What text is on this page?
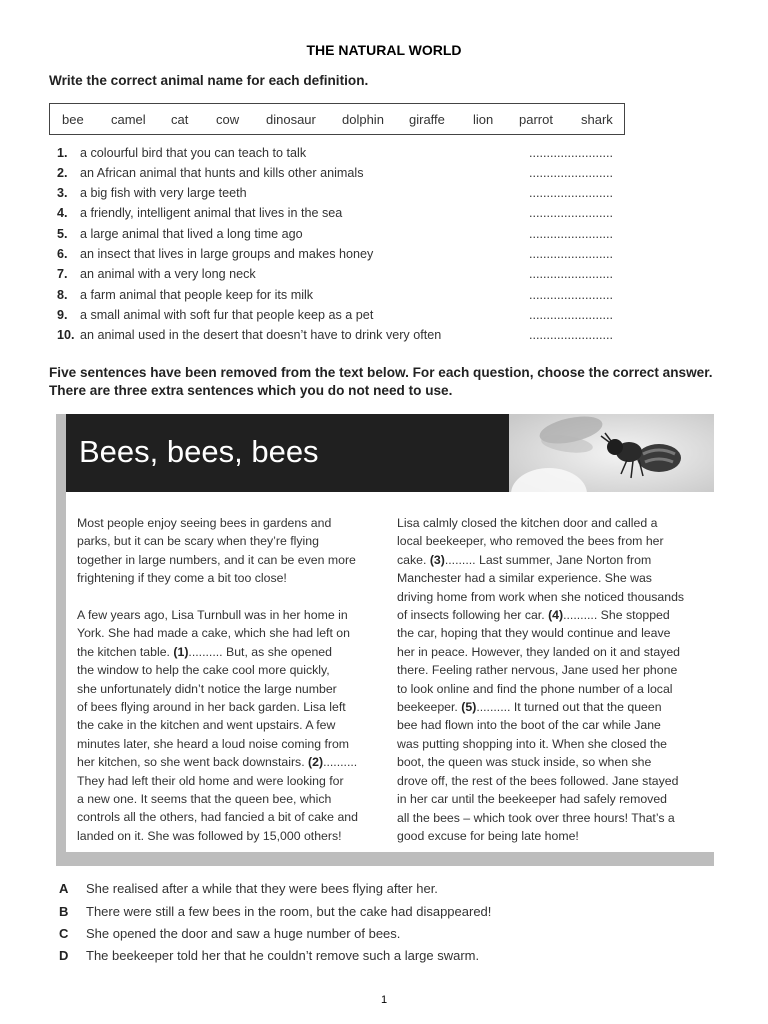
THE NATURAL WORLD
Write the correct animal name for each definition.
bee camel cat cow dinosaur dolphin giraffe lion parrot shark
1. a colourful bird that you can teach to talk	........................
2. an African animal that hunts and kills other animals	........................
3. a big fish with very large teeth	........................
4. a friendly, intelligent animal that lives in the sea	........................
5. a large animal that lived a long time ago	........................
6. an insect that lives in large groups and makes honey	........................
7. an animal with a very long neck	........................
8. a farm animal that people keep for its milk	........................
9. a small animal with soft fur that people keep as a pet	........................
10. an animal used in the desert that doesn’t have to drink very often	........................
Five sentences have been removed from the text below. For each question, choose the correct answer. There are three extra sentences which you do not need to use.
Bees, bees, bees

Most people enjoy seeing bees in gardens and
parks, but it can be scary when they’re flying
together in large numbers, and it can be even more
frightening if they come a bit too close!

A few years ago, Lisa Turnbull was in her home in
York. She had made a cake, which she had left on
the kitchen table. (1).......... But, as she opened
the window to help the cake cool more quickly,
she unfortunately didn’t notice the large number
of bees flying around in her back garden. Lisa left
the cake in the kitchen and went upstairs. A few
minutes later, she heard a loud noise coming from
her kitchen, so she went back downstairs. (2)..........
They had left their old home and were looking for
a new one. It seems that the queen bee, which
controls all the others, had fancied a bit of cake and
landed on it. She was followed by 15,000 others!

Lisa calmly closed the kitchen door and called a
local beekeeper, who removed the bees from her
cake. (3)......... Last summer, Jane Norton from
Manchester had a similar experience. She was
driving home from work when she noticed thousands
of insects following her car. (4).......... She stopped
the car, hoping that they would continue and leave
her in peace. However, they landed on it and stayed
there. Feeling rather nervous, Jane used her phone
to look online and find the phone number of a local
beekeeper. (5).......... It turned out that the queen
bee had flown into the boot of the car while Jane
was putting shopping into it. When she closed the
boot, the queen was stuck inside, so when she
drove off, the rest of the bees followed. Jane stayed
in her car until the beekeeper had safely removed
all the bees – which took over three hours! That’s a
good excuse for being late home!

A She realised after a while that they were bees flying after her.
B There were still a few bees in the room, but the cake had disappeared!
C She opened the door and saw a huge number of bees.
D The beekeeper told her that he couldn’t remove such a large swarm.
1
